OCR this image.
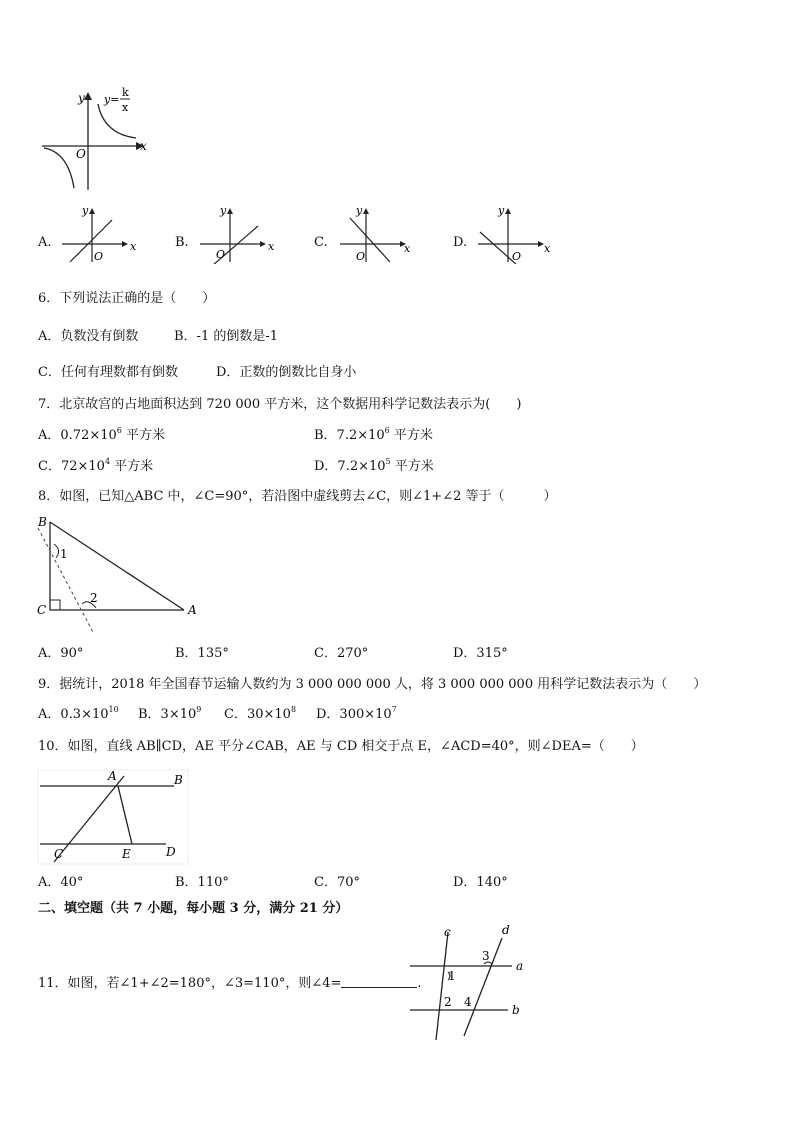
x
y
O
y=
k
x
A.	x
y
O
B.	x
y
O
C.	x
y
O
D.	x
y
O
6．下列说法正确的是（　　）
A．负数没有倒数	B．-1 的倒数是-1
C．任何有理数都有倒数	D．正数的倒数比自身小
7．北京故宫的占地面积达到 720 000 平方米，这个数据用科学记数法表示为(　　)
A．$0.72\times 10^6$ 平方米	B．$7.2\times 10^6$ 平方米
C．$72\times 10^4$ 平方米	D．$7.2\times 10^5$ 平方米
8．如图，已知△ABC 中，∠C=90°，若沿图中虚线剪去∠C，则∠1+∠2 等于（　　　）
B
C	A
1
2
A．90°	B．135°	C．270°	D．315°
9．据统计，2018 年全国春节运输人数约为 3 000 000 000 人，将 3 000 000 000 用科学记数法表示为（　　）
A．$0.3\times 10^{10}$ B．$3\times 10^9$ C．$30\times 10^8$ D．$300\times 10^7$
10．如图，直线 AB∥CD，AE 平分∠CAB，AE 与 CD 相交于点 E，∠ACD=40°，则∠DEA=（　　）
A	B
C	E	D
A．40°	B．110°	C．70°	D．140°
二、填空题（共 7 小题，每小题 3 分，满分 21 分）
11．如图，若∠1+∠2=180°，∠3=110°，则∠4=	.
c	d
a
b
1
2
3
4
